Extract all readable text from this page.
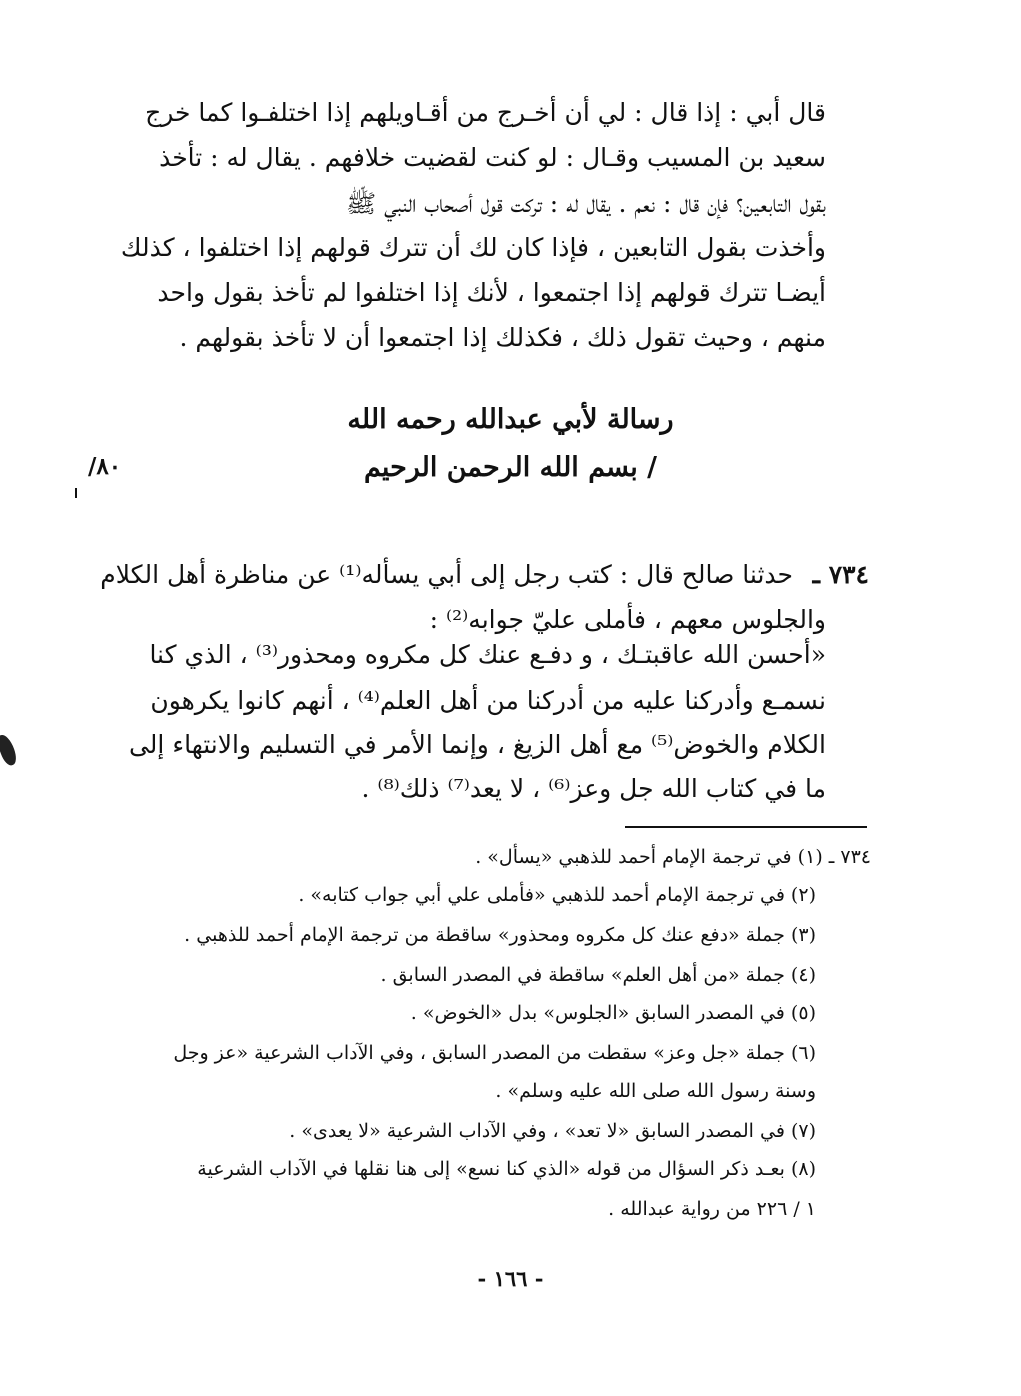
قال أبي : إذا قال : لي أن أخـرج من أقـاويلهم إذا اختلفـوا كما خرج
سعيد بن المسيب وقـال : لو كنت لقضيت خلافهم . يقال له : تأخذ
بقول التابعين؟ فإن قال : نعم . يقال له : تركت قول أصحاب النبي ﷺ
وأخذت بقول التابعين ، فإذا كان لك أن تترك قولهم إذا اختلفوا ، كذلك
أيضـا تترك قولهم إذا اجتمعوا ، لأنك إذا اختلفوا لم تأخذ بقول واحد
منهم ، وحيث تقول ذلك ، فكذلك إذا اجتمعوا أن لا تأخذ بقولهم .
رسالة لأبي عبدالله رحمه الله
/ بسم الله الرحمن الرحيم
٨٠/
٧٣٤ ـ
حدثنا صالح قال : كتب رجل إلى أبي يسأله⁽¹⁾ عن مناظرة أهل الكلام
والجلوس معهم ، فأملى عليّ جوابه⁽²⁾ :
«أحسن الله عاقبتـك ، و دفـع عنك كل مكروه ومحذور⁽³⁾ ، الذي كنا
نسمـع وأدركنا عليه من أدركنا من أهل العلم⁽⁴⁾ ، أنهم كانوا يكرهون
الكلام والخوض⁽⁵⁾ مع أهل الزيغ ، وإنما الأمر في التسليم والانتهاء إلى
ما في كتاب الله جل وعز⁽⁶⁾ ، لا يعد⁽⁷⁾ ذلك⁽⁸⁾ .
٧٣٤ ـ (١) في ترجمة الإمام أحمد للذهبي «يسأل» .
(٢) في ترجمة الإمام أحمد للذهبي «فأملى علي أبي جواب كتابه» .
(٣) جملة «دفع عنك كل مكروه ومحذور» ساقطة من ترجمة الإمام أحمد للذهبي .
(٤) جملة «من أهل العلم» ساقطة في المصدر السابق .
(٥) في المصدر السابق «الجلوس» بدل «الخوض» .
(٦) جملة «جل وعز» سقطت من المصدر السابق ، وفي الآداب الشرعية «عز وجل
وسنة رسول الله صلى الله عليه وسلم» .
(٧) في المصدر السابق «لا تعد» ، وفي الآداب الشرعية «لا يعدى» .
(٨) بعـد ذكر السؤال من قوله «الذي كنا نسع» إلى هنا نقلها في الآداب الشرعية
١ / ٢٢٦ من رواية عبدالله .
- ١٦٦ -
